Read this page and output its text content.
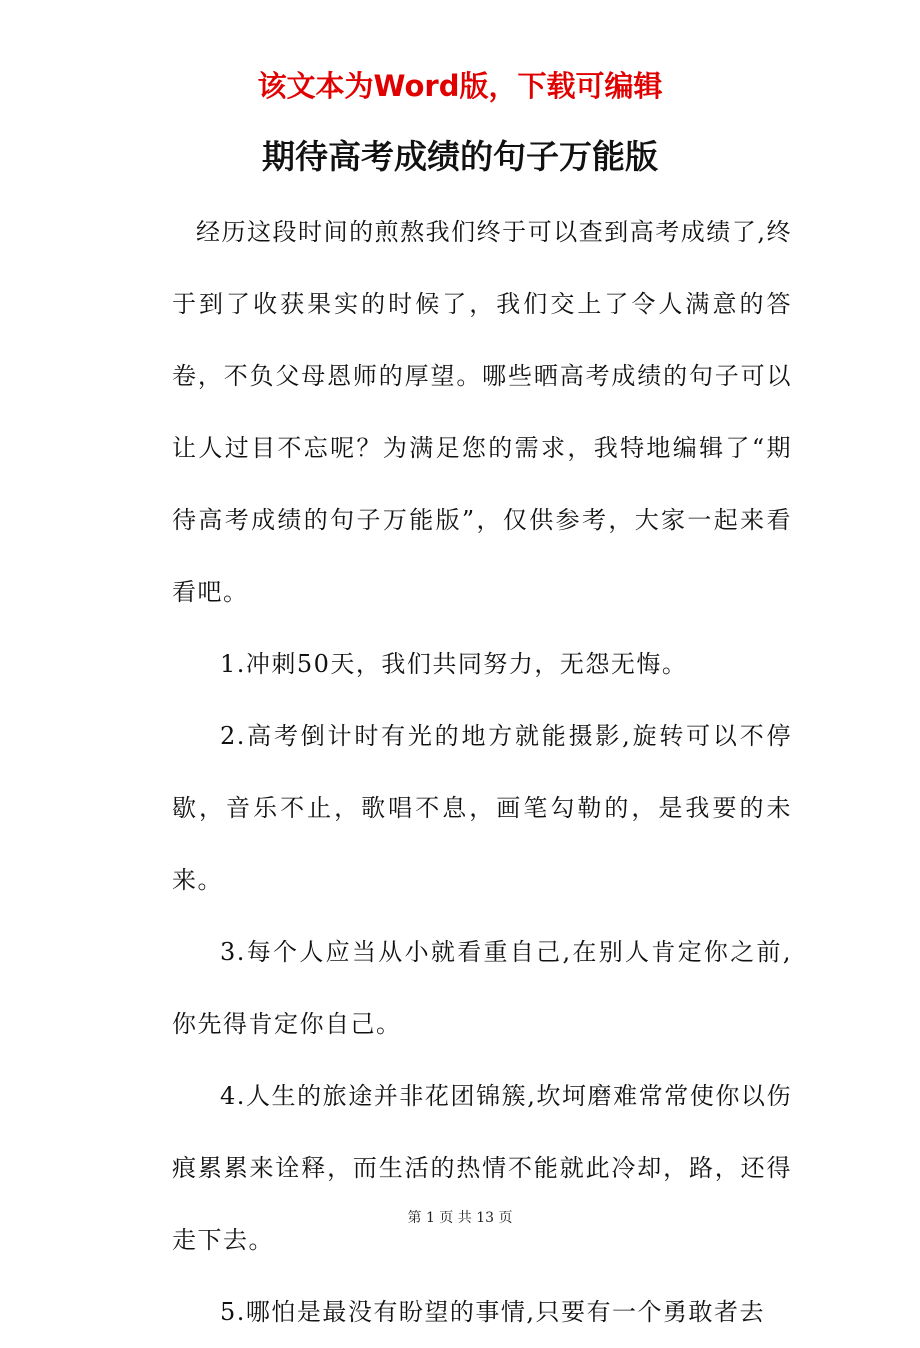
该文本为Word版，下载可编辑
期待高考成绩的句子万能版

经历这段时间的煎熬我们终于可以查到高考成绩了,终于到了收获果实的时候了，我们交上了令人满意的答卷，不负父母恩师的厚望。哪些晒高考成绩的句子可以让人过目不忘呢？为满足您的需求，我特地编辑了“期待高考成绩的句子万能版”，仅供参考，大家一起来看看吧。

1.冲刺50天，我们共同努力，无怨无悔。

2.高考倒计时有光的地方就能摄影,旋转可以不停歇，音乐不止，歌唱不息，画笔勾勒的，是我要的未来。

3.每个人应当从小就看重自己,在别人肯定你之前,你先得肯定你自己。

4.人生的旅途并非花团锦簇,坎坷磨难常常使你以伤痕累累来诠释，而生活的热情不能就此冷却，路，还得走下去。

5.哪怕是最没有盼望的事情,只要有一个勇敢者去

第 1 页 共 13 页
